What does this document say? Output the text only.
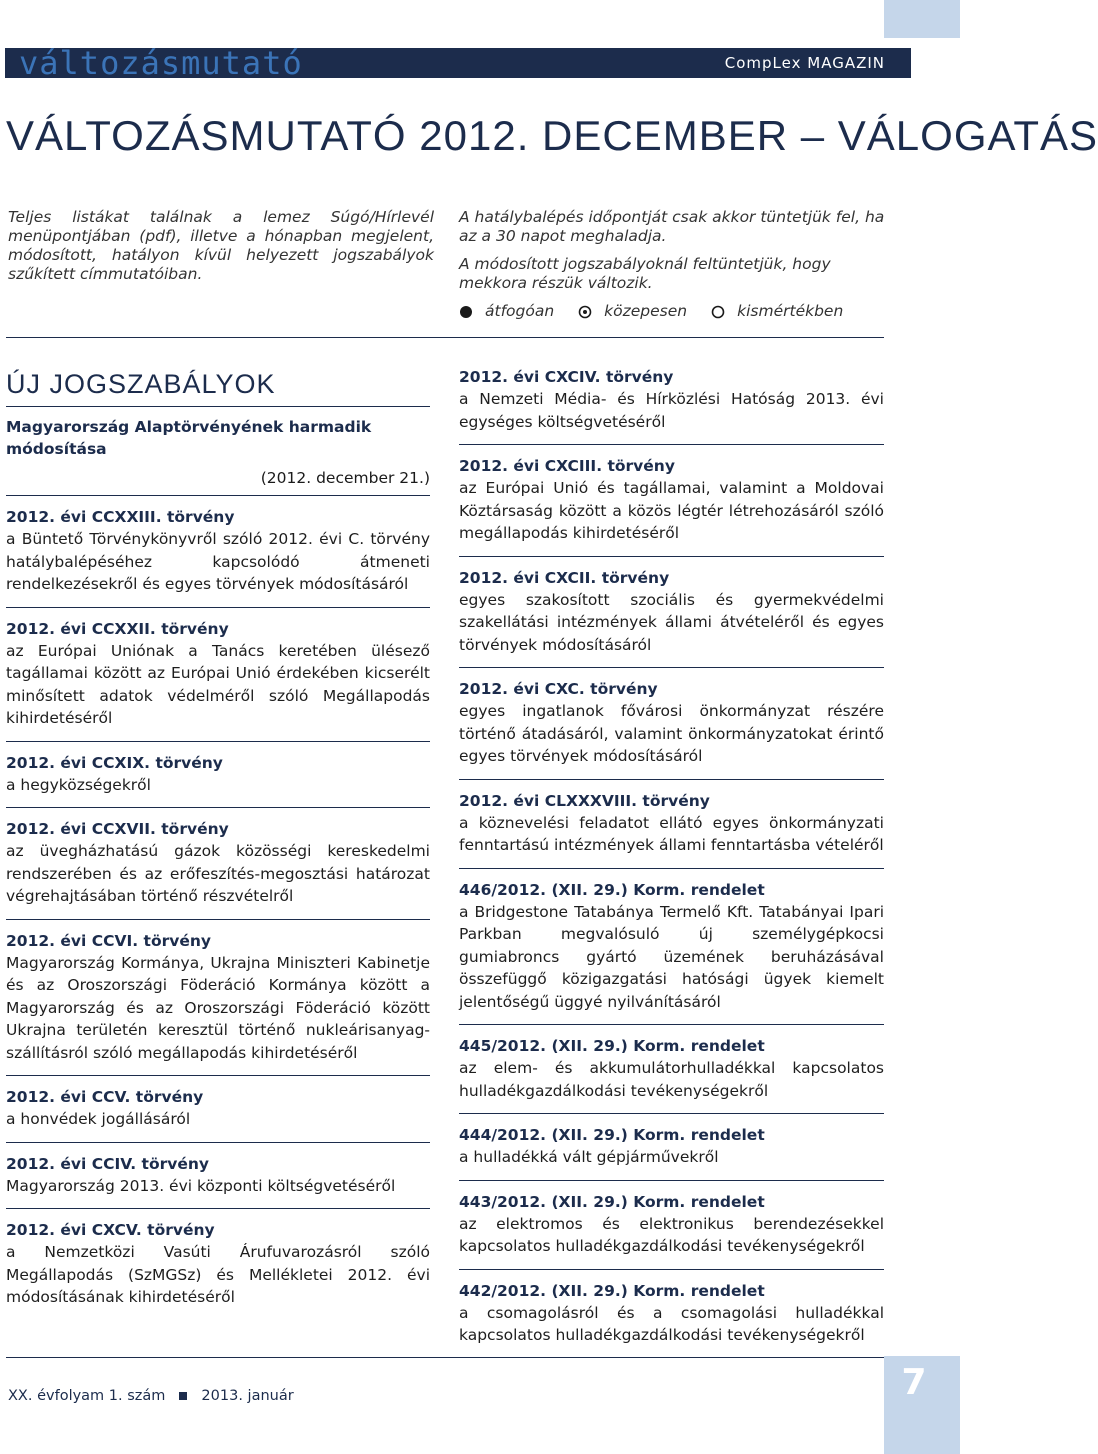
változásmutató	CompLex MAGAZIN
VÁLTOZÁSMUTATÓ 2012. DECEMBER – VÁLOGATÁS

Teljes listákat találnak a lemez Súgó/Hírlevél menüpontjában (pdf), illetve a hónapban megjelent, módosított, hatályon kívül helyezett jogszabályok szűkített címmutatóiban.

A hatálybalépés időpontját csak akkor tüntetjük fel, ha az a 30 napot meghaladja.

A módosított jogszabályoknál feltüntetjük, hogy mekkora részük változik.

átfogóan	közepesen	kismértékben
ÚJ JOGSZABÁLYOK
Magyarország Alaptörvényének harmadik módosítása
(2012. december 21.)
2012. évi CCXXIII. törvény
a Büntető Törvénykönyvről szóló 2012. évi C. törvény hatálybalépéséhez kapcsolódó átmeneti rendelkezésekről és egyes törvények módosításáról
2012. évi CCXXII. törvény
az Európai Uniónak a Tanács keretében ülésező tagállamai között az Európai Unió érdekében kicserélt minősített adatok védelméről szóló Megállapodás kihirdetéséről
2012. évi CCXIX. törvény
a hegyközségekről
2012. évi CCXVII. törvény
az üvegházhatású gázok közösségi kereskedelmi rendszerében és az erőfeszítés-megosztási határozat végrehajtásában történő részvételről
2012. évi CCVI. törvény
Magyarország Kormánya, Ukrajna Miniszteri Kabinetje és az Oroszországi Föderáció Kormánya között a Magyarország és az Oroszországi Föderáció között Ukrajna területén keresztül történő nukleárisanyag-szállításról szóló megállapodás kihirdetéséről
2012. évi CCV. törvény
a honvédek jogállásáról
2012. évi CCIV. törvény
Magyarország 2013. évi központi költségvetéséről
2012. évi CXCV. törvény
a Nemzetközi Vasúti Árufuvarozásról szóló Megállapodás (SzMGSz) és Mellékletei 2012. évi módosításának kihirdetéséről
2012. évi CXCIV. törvény
a Nemzeti Média- és Hírközlési Hatóság 2013. évi egységes költségvetéséről
2012. évi CXCIII. törvény
az Európai Unió és tagállamai, valamint a Moldovai Köztársaság között a közös légtér létrehozásáról szóló megállapodás kihirdetéséről
2012. évi CXCII. törvény
egyes szakosított szociális és gyermekvédelmi szakellátási intézmények állami átvételéről és egyes törvények módosításáról
2012. évi CXC. törvény
egyes ingatlanok fővárosi önkormányzat részére történő átadásáról, valamint önkormányzatokat érintő egyes törvények módosításáról
2012. évi CLXXXVIII. törvény
a köznevelési feladatot ellátó egyes önkormányzati fenntartású intézmények állami fenntartásba vételéről
446/2012. (XII. 29.) Korm. rendelet
a Bridgestone Tatabánya Termelő Kft. Tatabányai Ipari Parkban megvalósuló új személygépkocsi gumiabroncs gyártó üzemének beruházásával összefüggő közigazgatási hatósági ügyek kiemelt jelentőségű üggyé nyilvánításáról
445/2012. (XII. 29.) Korm. rendelet
az elem- és akkumulátorhulladékkal kapcsolatos hulladékgazdálkodási tevékenységekről
444/2012. (XII. 29.) Korm. rendelet
a hulladékká vált gépjárművekről
443/2012. (XII. 29.) Korm. rendelet
az elektromos és elektronikus berendezésekkel kapcsolatos hulladékgazdálkodási tevékenységekről
442/2012. (XII. 29.) Korm. rendelet
a csomagolásról és a csomagolási hulladékkal kapcsolatos hulladékgazdálkodási tevékenységekről
XX. évfolyam 1. szám 2013. január	7
